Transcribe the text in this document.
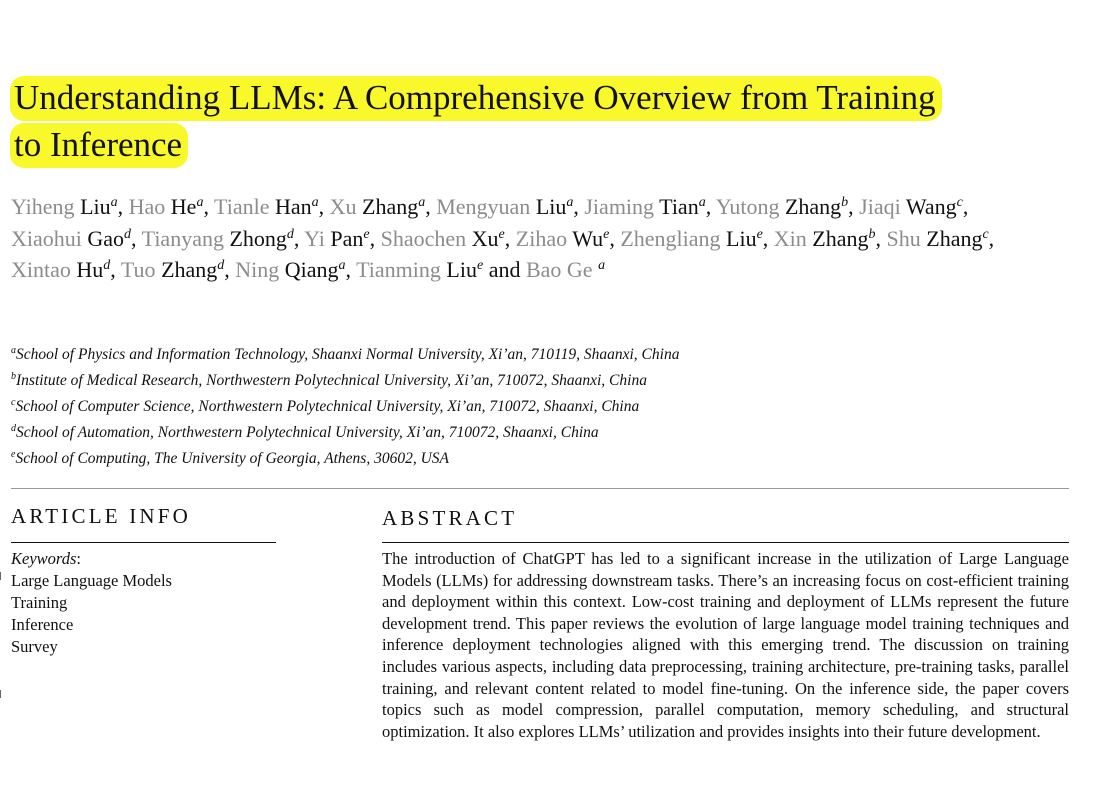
Understanding LLMs: A Comprehensive Overview from Training
to Inference
Yiheng Liu$^a$, Hao He$^a$, Tianle Han$^a$, Xu Zhang$^a$, Mengyuan Liu$^a$, Jiaming Tian$^a$, Yutong Zhang$^b$, Jiaqi Wang$^c$, Xiaohui Gao$^d$, Tianyang Zhong$^d$, Yi Pan$^e$, Shaochen Xu$^e$, Zihao Wu$^e$, Zhengliang Liu$^e$, Xin Zhang$^b$, Shu Zhang$^c$, Xintao Hu$^d$, Tuo Zhang$^d$, Ning Qiang$^a$, Tianming Liu$^e$ and Bao Ge $^a$
$^a$School of Physics and Information Technology, Shaanxi Normal University, Xi’an, 710119, Shaanxi, China
$^b$Institute of Medical Research, Northwestern Polytechnical University, Xi’an, 710072, Shaanxi, China
$^c$School of Computer Science, Northwestern Polytechnical University, Xi’an, 710072, Shaanxi, China
$^d$School of Automation, Northwestern Polytechnical University, Xi’an, 710072, Shaanxi, China
$^e$School of Computing, The University of Georgia, Athens, 30602, USA
ARTICLE INFO
Keywords:
Large Language Models
Training
Inference
Survey
ABSTRACT

The introduction of ChatGPT has led to a significant increase in the utilization of Large Language Models (LLMs) for addressing downstream tasks. There’s an increasing focus on cost-efficient training and deployment within this context. Low-cost training and deployment of LLMs represent the future development trend. This paper reviews the evolution of large language model training techniques and inference deployment technologies aligned with this emerging trend. The discussion on training includes various aspects, including data preprocessing, training architecture, pre-training tasks, parallel training, and relevant content related to model fine-tuning. On the inference side, the paper covers topics such as model compression, parallel computation, memory scheduling, and structural optimization. It also explores LLMs’ utilization and provides insights into their future development.
